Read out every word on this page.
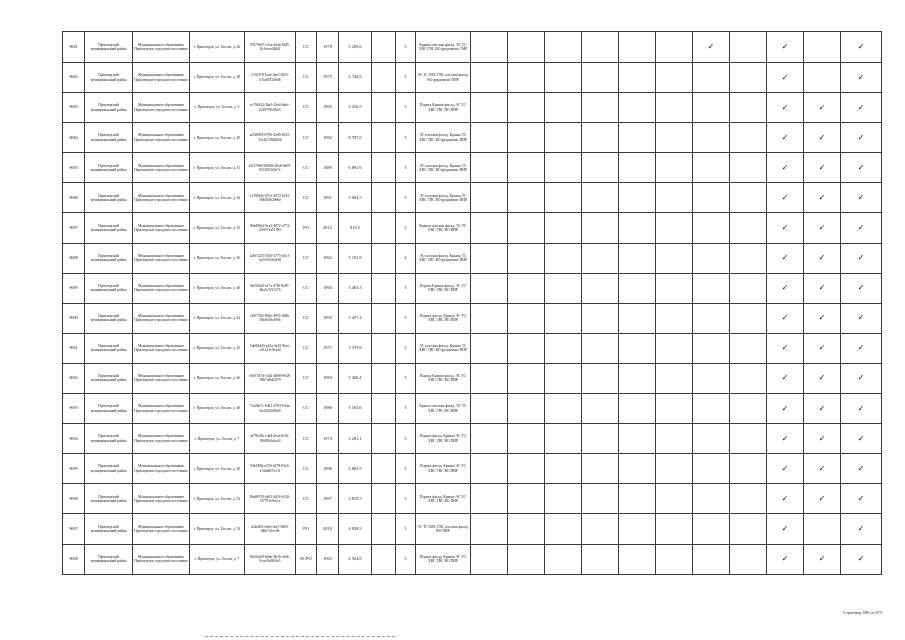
9681	Приозерский муниципальный район	Муниципальное образование Приозерское городское поселение	г. Приозерск, ул. Гоголя, д. 26	05f79b97-c5ca-4a4a-8f45-2b1ecea2664f	СС	1979	5 209,6		5	Крыша плоская фасад, ЭС ТС ХВС ГВС ВО фундамент СМР							✓		✓		✓
9682	Приозерский муниципальный район	Муниципальное образование Приозерское городское поселение	г. Приозерск, ул. Гоголя, д. 28	c7ff2f78-1aae-4ae1-8f25-b7fa8d7236db	СС	1975	2 744,9		5	ЭС ТС ХВС ГВС плоская фасад, ВО фундамент ПИР									✓		✓
9683	Приозерский муниципальный район	Муниципальное образование Приозерское городское поселение	г. Приозерск, ул. Гоголя, д. 3	ec79fd22-3ba5-43a4-b4ec-62f9791b5665	СС	1965	3 416,5		5	Подвал Крыша фасад, ЭС ТС ХВС ГВС ВО ПИР									✓	✓	✓
9684	Приозерский муниципальный район	Муниципальное образование Приозерское городское поселение	г. Приозерск, ул. Гоголя, д. 30	aa5f8903-6796-42d5-8615-31a1b7284682b	СС	1982	8 707,6		5	ЭС плоская фасад, Крыша ТС ХВС ГВС ВО фундамент ПИР									✓	✓	✓
9685	Приозерский муниципальный район	Муниципальное образование Приозерское городское поселение	г. Приозерск, ул. Гоголя, д. 31	e5f37968-b9588-49e8-9a09-8210051fbb7e	СС	1889	6 891,6		5	ЭС плоская фасад, Крыша ТС ХВС ГВС ВО фундамент ПИР									✓	✓	✓
9686	Приозерский муниципальный район	Муниципальное образование Приозерское городское поселение	г. Приозерск, ул. Гоголя, д. 34	1e78f84e-07b1-4072-b5f3-58b19462966e	СС	1991	3 064,5		5	ЭС плоская фасад, Крыша ТС ХВС ГВС ВО фундамент ПИР									✓	✓	✓
9687	Приозерский муниципальный район	Муниципальное образование Приозерское городское поселение	г. Приозерск, ул. Гоголя, д. 35	9b4d9f6d-8ca5-4872-a773-20ff57ea51585	РО	2012	810,5		5	Крыша плоская фасад, ЭС ТС ХВС ГВС ВО ПИР									✓	✓	✓
9688	Приозерский муниципальный район	Муниципальное образование Приозерское городское поселение	г. Приозерск, ул. Гоголя, д. 36	2a6f1323-5303-4775-b5c1-ba7e0541bd48	СС	1962	5 191,8		4	ЭС плоская фасад, Крыша ТС ХВС ГВС ВО фундамент ПИР									✓	✓	✓
9689	Приозерский муниципальный район	Муниципальное образование Приозерское городское поселение	г. Приозерск, ул. Гоголя, д. 40	9fa582a0-a17a-47f8-8e87-46a1e7f51276	СС	1994	3 463,3		5	Подвал Крыша фасад, ЭС ТС ХВС ГВС ВО ПИР									✓	✓	✓
9690	Приозерский муниципальный район	Муниципальное образование Приозерское городское поселение	г. Приозерск, ул. Гоголя, д. 42	c3f07393-892e-4955-a88b-3bbf940c496b	СС	1995	3 457,4		5	Подвал фасад, Крыша ЭС ТС ХВС ГВС ВО ПИР									✓	✓	✓
9691	Приозерский муниципальный район	Муниципальное образование Приозерское городское поселение	г. Приозерск, ул. Гоголя, д. 43	5ab9d4d3-a42a-4e25-9fea-c61e31c0e2a4	СС	1971	3 379,8		5	ЭС плоская фасад, Крыша ТС ХВС ГВС ВО фундамент ПИР									✓	✓	✓
9692	Приозерский муниципальный район	Муниципальное образование Приозерское городское поселение	г. Приозерск, ул. Гоголя, д. 46	eb917d7d-14d1-4098-9928-58b7a8eb5f79	СС	1984	5 360,4		5	Подвал Крыша фасад, ЭС ТС ХВС ГВС ВО ПИР									✓	✓	✓
9693	Приозерский муниципальный район	Муниципальное образование Приозерское городское поселение	г. Приозерск, ул. Гоголя, д. 48	71a2bb7c-0d21-4793-944a-6e4323fe8bb8	СС	1986	3 165,6		5	Крыша плоская фасад, ЭС ТС ХВС ГВС ВО ПИР									✓	✓	✓
9694	Приозерский муниципальный район	Муниципальное образование Приозерское городское поселение	г. Приозерск, ул. Гоголя, д. 7	af79b4fb-c4a8-4e4a-8c8f-1868f64c6a44	СС	1974	3 281,1		5	Подвал фасад, Крыша ЭС ТС ХВС ГВС ВО ПИР									✓	✓	✓
9695	Приозерский муниципальный район	Муниципальное образование Приозерское городское поселение	г. Приозерск, ул. Гоголя, д. 50	92b5836-a376-4479-93a5-a7dd46f7ec31	СС	1996	2 863,5		5	Подвал фасад, Крыша ЭС ТС ХВС ГВС ВО ПИР									✓	✓	✓
9696	Приозерский муниципальный район	Муниципальное образование Приозерское городское поселение	г. Приозерск, ул. Гоголя, д. 52	86a8f910-ab91-4d1f-b328-f37791e5ea1a	СС	1997	2 819,5		5	Подвал фасад, Крыша ЭС ТС ХВС ГВС ВО ПИР									✓	✓	✓
9697	Приозерский муниципальный район	Муниципальное образование Приозерское городское поселение	г. Приозерск, ул. Гоголя, д. 54	cb4eb93-e6eb-4ef1-9d83-f6b67e1ee9b	РО	2010	4 838,5		5	ЭС ТС ХВС ГВС плоская фасад, ВО ПИР									✓		✓
9698	Приозерский муниципальный район	Муниципальное образование Приозерское городское поселение	г. Приозерск, ул. Гоголя, д. 7	8e3f2a69-b6ab-4b1b-a8fb-9cce5b4604e5	ЕСРО	1965	4 924,8		5	Подвал фасад, Крыша ЭС ТС ХВС ГВС ВО ПИР									✓	✓	✓
Страница 689 из 670
